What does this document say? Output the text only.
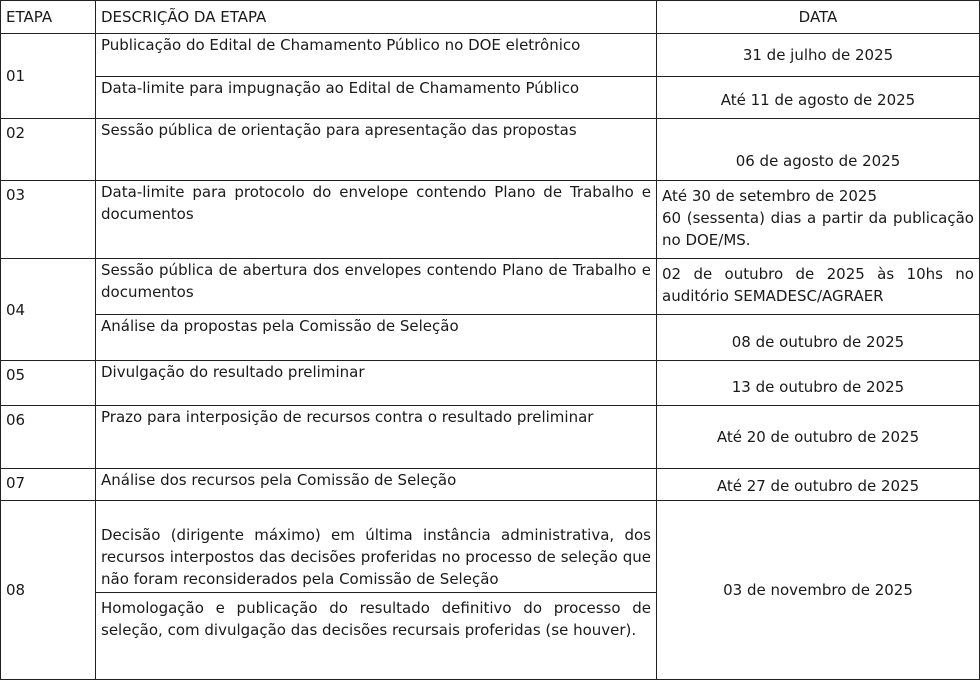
ETAPA	DESCRIÇÃO DA ETAPA	DATA
01	Publicação do Edital de Chamamento Público no DOE eletrônico	31 de julho de 2025
	Data-limite para impugnação ao Edital de Chamamento Público	Até 11 de agosto de 2025
02	Sessão pública de orientação para apresentação das propostas	06 de agosto de 2025
03	Data-limite para protocolo do envelope contendo Plano de Trabalho e documentos	Até 30 de setembro de 2025

60 (sessenta) dias a partir da publicação no DOE/MS.

04	Sessão pública de abertura dos envelopes contendo Plano de Trabalho e documentos	02 de outubro de 2025 às 10hs no auditório SEMADESC/AGRAER

	Análise da propostas pela Comissão de Seleção	08 de outubro de 2025
05	Divulgação do resultado preliminar	13 de outubro de 2025
06	Prazo para interposição de recursos contra o resultado preliminar	Até 20 de outubro de 2025
07	Análise dos recursos pela Comissão de Seleção	Até 27 de outubro de 2025
08	Decisão (dirigente máximo) em última instância administrativa, dos recursos interpostos das decisões proferidas no processo de seleção que não foram reconsiderados pela Comissão de Seleção	03 de novembro de 2025

	Homologação e publicação do resultado definitivo do processo de seleção, com divulgação das decisões recursais proferidas (se houver).	
